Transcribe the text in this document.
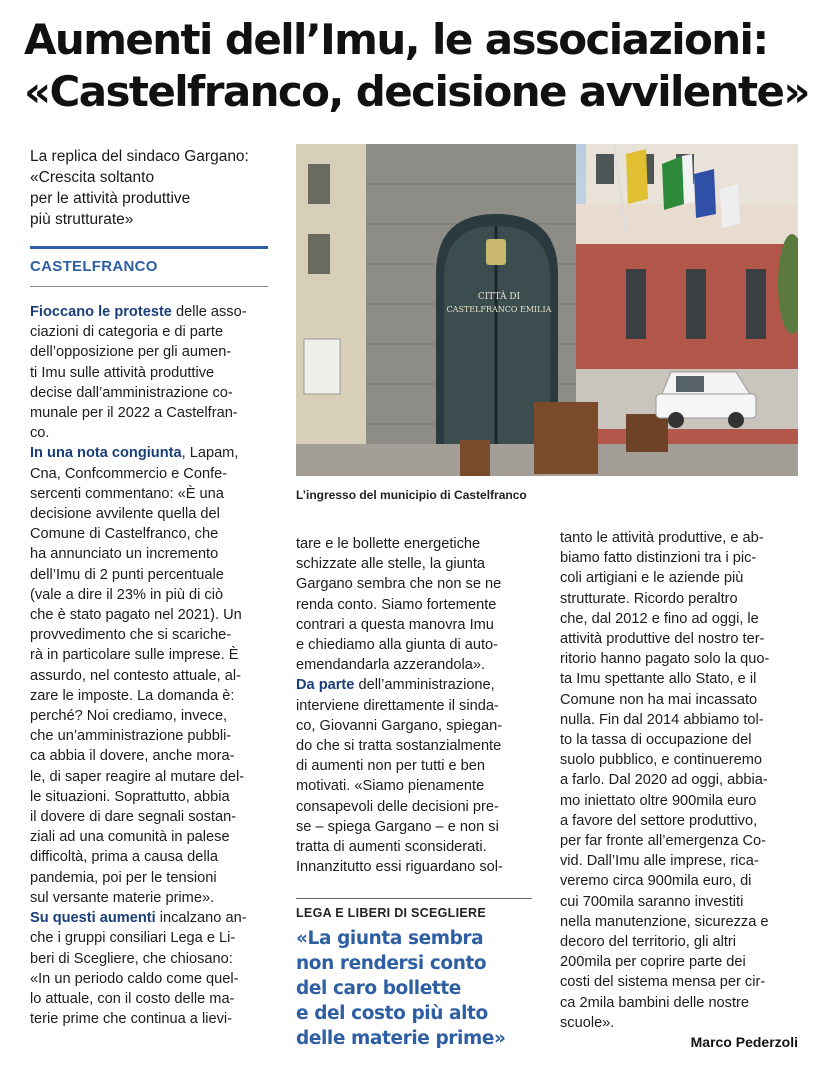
Aumenti dell’Imu, le associazioni:
«Castelfranco, decisione avvilente»
La replica del sindaco Gargano:
«Crescita soltanto
per le attività produttive
più strutturate»
CASTELFRANCO
CITTÀ DI
CASTELFRANCO EMILIA
L’ingresso del municipio di Castelfranco
Fioccano le proteste delle asso-
ciazioni di categoria e di parte
dell’opposizione per gli aumen-
ti Imu sulle attività produttive
decise dall’amministrazione co-
munale per il 2022 a Castelfran-
co.
In una nota congiunta, Lapam,
Cna, Confcommercio e Confe-
sercenti commentano: «È una
decisione avvilente quella del
Comune di Castelfranco, che
ha annunciato un incremento
dell’Imu di 2 punti percentuale
(vale a dire il 23% in più di ciò
che è stato pagato nel 2021). Un
provvedimento che si scariche-
rà in particolare sulle imprese. È
assurdo, nel contesto attuale, al-
zare le imposte. La domanda è:
perché? Noi crediamo, invece,
che un’amministrazione pubbli-
ca abbia il dovere, anche mora-
le, di saper reagire al mutare del-
le situazioni. Soprattutto, abbia
il dovere di dare segnali sostan-
ziali ad una comunità in palese
difficoltà, prima a causa della
pandemia, poi per le tensioni
sul versante materie prime».
Su questi aumenti incalzano an-
che i gruppi consiliari Lega e Li-
beri di Scegliere, che chiosano:
«In un periodo caldo come quel-
lo attuale, con il costo delle ma-
terie prime che continua a lievi-
tare e le bollette energetiche
schizzate alle stelle, la giunta
Gargano sembra che non se ne
renda conto. Siamo fortemente
contrari a questa manovra Imu
e chiediamo alla giunta di auto-
emendandarla azzerandola».
Da parte dell’amministrazione,
interviene direttamente il sinda-
co, Giovanni Gargano, spiegan-
do che si tratta sostanzialmente
di aumenti non per tutti e ben
motivati. «Siamo pienamente
consapevoli delle decisioni pre-
se – spiega Gargano – e non si
tratta di aumenti sconsiderati.
Innanzitutto essi riguardano sol-
tanto le attività produttive, e ab-
biamo fatto distinzioni tra i pic-
coli artigiani e le aziende più
strutturate. Ricordo peraltro
che, dal 2012 e fino ad oggi, le
attività produttive del nostro ter-
ritorio hanno pagato solo la quo-
ta Imu spettante allo Stato, e il
Comune non ha mai incassato
nulla. Fin dal 2014 abbiamo tol-
to la tassa di occupazione del
suolo pubblico, e continueremo
a farlo. Dal 2020 ad oggi, abbia-
mo iniettato oltre 900mila euro
a favore del settore produttivo,
per far fronte all’emergenza Co-
vid. Dall’Imu alle imprese, rica-
veremo circa 900mila euro, di
cui 700mila saranno investiti
nella manutenzione, sicurezza e
decoro del territorio, gli altri
200mila per coprire parte dei
costi del sistema mensa per cir-
ca 2mila bambini delle nostre
scuole».
LEGA E LIBERI DI SCEGLIERE
«La giunta sembra
non rendersi conto
del caro bollette
e del costo più alto
delle materie prime»	Marco Pederzoli
